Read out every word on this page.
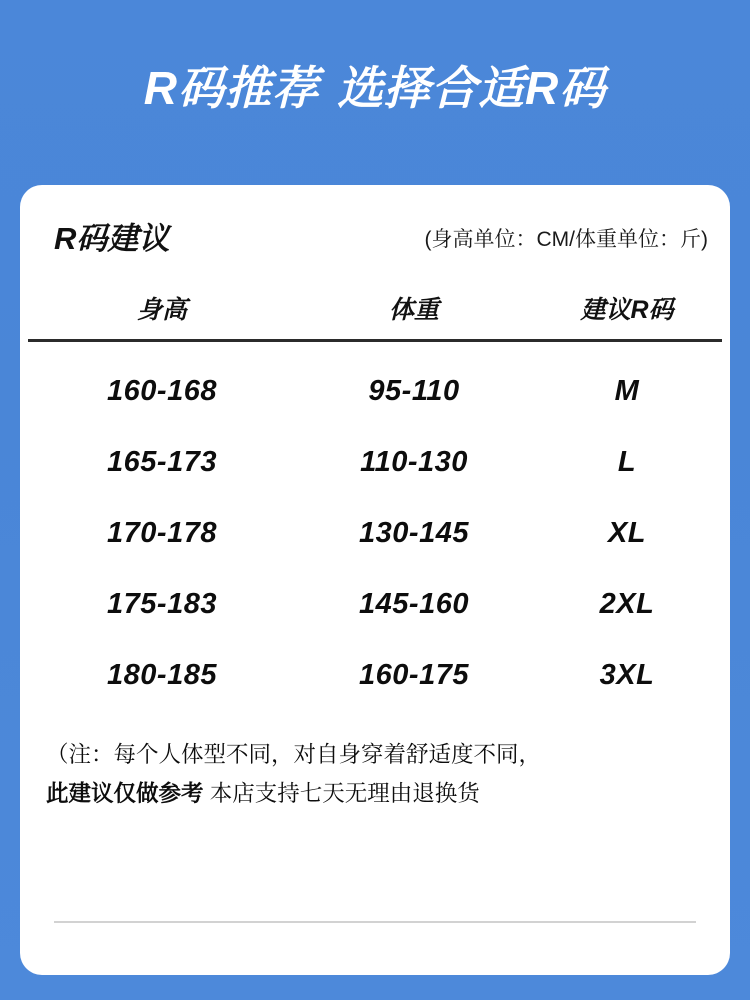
R码推荐 选择合适R码
R码建议	(身高单位：CM/体重单位：斤)
身高	体重	建议R码
160-168	95-110	M
165-173	110-130	L
170-178	130-145	XL
175-183	145-160	2XL
180-185	160-175	3XL
（注：每个人体型不同，对自身穿着舒适度不同，
此建议仅做参考 本店支持七天无理由退换货
